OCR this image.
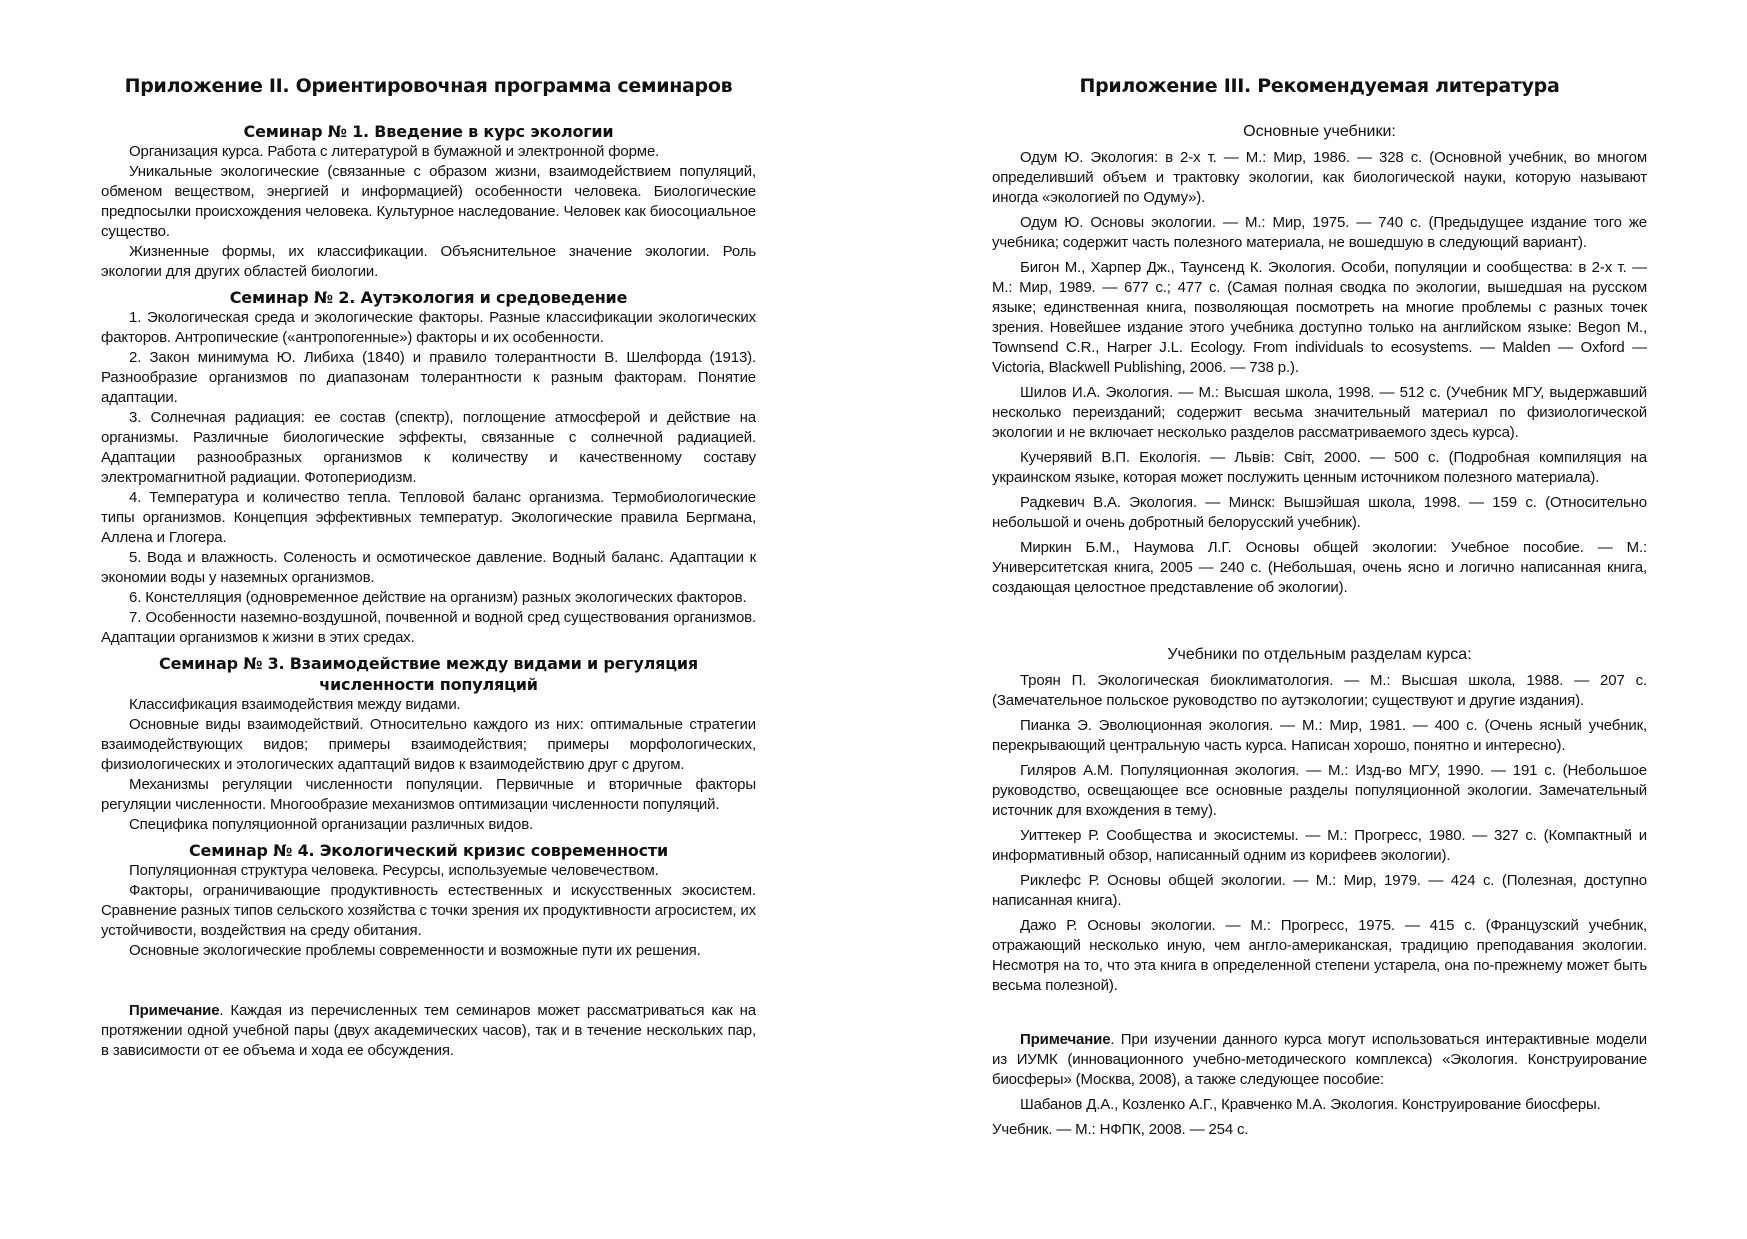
Приложение II. Ориентировочная программа семинаров
Семинар № 1. Введение в курс экологии

Организация курса. Работа с литературой в бумажной и электронной форме.

Уникальные экологические (связанные с образом жизни, взаимодействием популяций, обменом веществом, энергией и информацией) особенности человека. Биологические предпосылки происхождения человека. Культурное наследование. Человек как биосоциальное существо.

Жизненные формы, их классификации. Объяснительное значение экологии. Роль экологии для других областей биологии.

Семинар № 2. Аутэкология и средоведение

1. Экологическая среда и экологические факторы. Разные классификации экологических факторов. Антропические («антропогенные») факторы и их особенности.

2. Закон минимума Ю. Либиха (1840) и правило толерантности В. Шелфорда (1913). Разнообразие организмов по диапазонам толерантности к разным факторам. Понятие адаптации.

3. Солнечная радиация: ее состав (спектр), поглощение атмосферой и действие на организмы. Различные биологические эффекты, связанные с солнечной радиацией. Адаптации разнообразных организмов к количеству и качественному составу электромагнитной радиации. Фотопериодизм.

4. Температура и количество тепла. Тепловой баланс организма. Термобиологические типы организмов. Концепция эффективных температур. Экологические правила Бергмана, Аллена и Глогера.

5. Вода и влажность. Соленость и осмотическое давление. Водный баланс. Адаптации к экономии воды у наземных организмов.

6. Констелляция (одновременное действие на организм) разных экологических факторов.

7. Особенности наземно-воздушной, почвенной и водной сред существования организмов. Адаптации организмов к жизни в этих средах.

Семинар № 3. Взаимодействие между видами и регуляция численности популяций

Классификация взаимодействия между видами.

Основные виды взаимодействий. Относительно каждого из них: оптимальные стратегии взаимодействующих видов; примеры взаимодействия; примеры морфологических, физиологических и этологических адаптаций видов к взаимодействию друг с другом.

Механизмы регуляции численности популяции. Первичные и вторичные факторы регуляции численности. Многообразие механизмов оптимизации численности популяций.

Специфика популяционной организации различных видов.

Семинар № 4. Экологический кризис современности

Популяционная структура человека. Ресурсы, используемые человечеством.

Факторы, ограничивающие продуктивность естественных и искусственных экосистем. Сравнение разных типов сельского хозяйства с точки зрения их продуктивности агросистем, их устойчивости, воздействия на среду обитания.

Основные экологические проблемы современности и возможные пути их решения.

Примечание. Каждая из перечисленных тем семинаров может рассматриваться как на протяжении одной учебной пары (двух академических часов), так и в течение нескольких пар, в зависимости от ее объема и хода ее обсуждения.

Приложение III. Рекомендуемая литература
Основные учебники:

Одум Ю. Экология: в 2-х т. — М.: Мир, 1986. — 328 с. (Основной учебник, во многом определивший объем и трактовку экологии, как биологической науки, которую называют иногда «экологией по Одуму»).

Одум Ю. Основы экологии. — М.: Мир, 1975. — 740 с. (Предыдущее издание того же учебника; содержит часть полезного материала, не вошедшую в следующий вариант).

Бигон М., Харпер Дж., Таунсенд К. Экология. Особи, популяции и сообщества: в 2-х т. — М.: Мир, 1989. — 677 с.; 477 с. (Самая полная сводка по экологии, вышедшая на русском языке; единственная книга, позволяющая посмотреть на многие проблемы с разных точек зрения. Новейшее издание этого учебника доступно только на английском языке: Begon M., Townsend C.R., Harper J.L. Ecology. From individuals to ecosystems. — Malden — Oxford — Victoria, Blackwell Publishing, 2006. — 738 p.).

Шилов И.А. Экология. — М.: Высшая школа, 1998. — 512 с. (Учебник МГУ, выдержавший несколько переизданий; содержит весьма значительный материал по физиологической экологии и не включает несколько разделов рассматриваемого здесь курса).

Кучерявий В.П. Екологія. — Львів: Світ, 2000. — 500 с. (Подробная компиляция на украинском языке, которая может послужить ценным источником полезного материала).

Радкевич В.А. Экология. — Минск: Вышэйшая школа, 1998. — 159 с. (Относительно небольшой и очень добротный белорусский учебник).

Миркин Б.М., Наумова Л.Г. Основы общей экологии: Учебное пособие. — М.: Университетская книга, 2005 — 240 с. (Небольшая, очень ясно и логично написанная книга, создающая целостное представление об экологии).

Учебники по отдельным разделам курса:

Троян П. Экологическая биоклиматология. — М.: Высшая школа, 1988. — 207 с. (Замечательное польское руководство по аутэкологии; существуют и другие издания).

Пианка Э. Эволюционная экология. — М.: Мир, 1981. — 400 с. (Очень ясный учебник, перекрывающий центральную часть курса. Написан хорошо, понятно и интересно).

Гиляров А.М. Популяционная экология. — М.: Изд-во МГУ, 1990. — 191 с. (Небольшое руководство, освещающее все основные разделы популяционной экологии. Замечательный источник для вхождения в тему).

Уиттекер Р. Сообщества и экосистемы. — М.: Прогресс, 1980. — 327 с. (Компактный и информативный обзор, написанный одним из корифеев экологии).

Риклефс Р. Основы общей экологии. — М.: Мир, 1979. — 424 с. (Полезная, доступно написанная книга).

Дажо Р. Основы экологии. — М.: Прогресс, 1975. — 415 с. (Французский учебник, отражающий несколько иную, чем англо-американская, традицию преподавания экологии. Несмотря на то, что эта книга в определенной степени устарела, она по-прежнему может быть весьма полезной).

Примечание. При изучении данного курса могут использоваться интерактивные модели из ИУМК (инновационного учебно-методического комплекса) «Экология. Конструирование биосферы» (Москва, 2008), а также следующее пособие:

Шабанов Д.А., Козленко А.Г., Кравченко М.А. Экология. Конструирование биосферы.

Учебник. — М.: НФПК, 2008. — 254 с.
